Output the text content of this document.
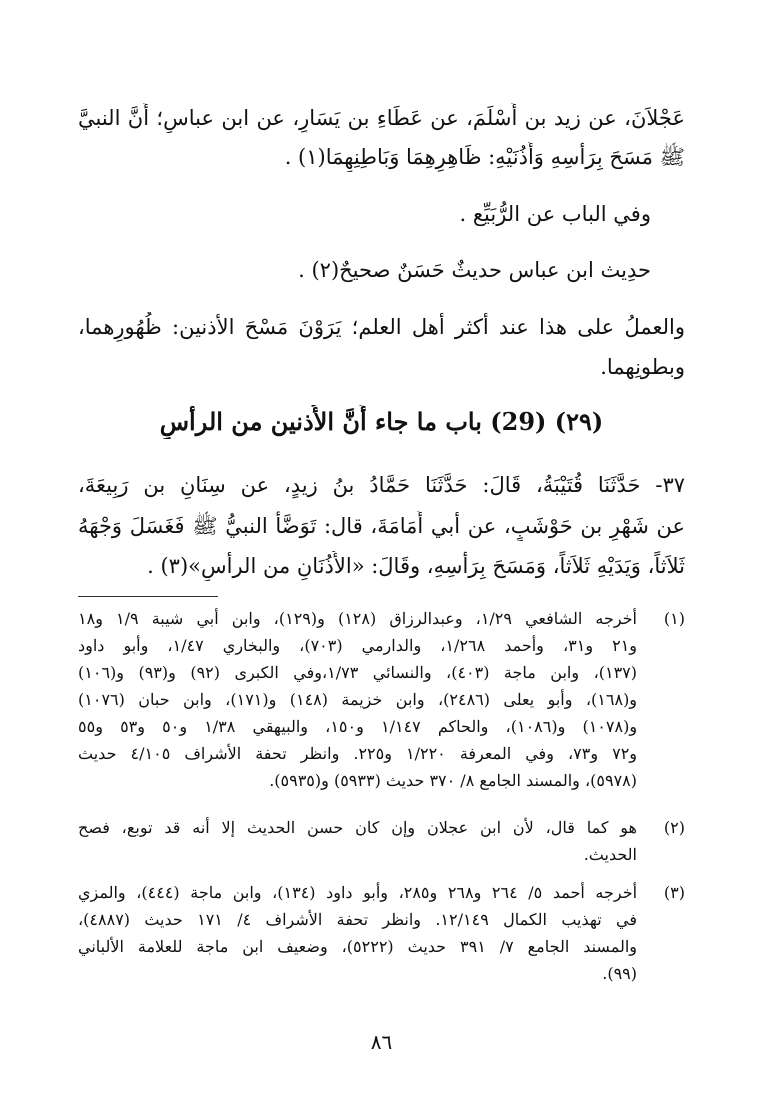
عَجْلاَنَ، عن زيد بن أَسْلَمَ، عن عَطَاءِ بن يَسَارٍ، عن ابن عباسٍ؛ أَنَّ النبيَّ
ﷺ مَسَحَ بِرَأْسِهِ وَأُذُنَيْهِ: ظَاهِرِهِمَا وَبَاطِنِهِمَا(١) .
وفي الباب عن الرُّبَيِّع .
حدِيث ابن عباس حديثٌ حَسَنٌ صحيحٌ(٢) .
والعملُ على هذا عند أكثر أهل العلم؛ يَرَوْنَ مَسْحَ الأذنين: ظُهُورِهما،
وبطونِهما.
(٢٩) (29) باب ما جاء أَنَّ الأُذنين من الرأسِ
٣٧- حَدَّثَنَا قُتَيْبَةُ، قَالَ: حَدَّثَنَا حَمَّادُ بنُ زيدٍ، عن سِنَانِ بن رَبِيعَةَ،
عن شَهْرِ بن حَوْشَبٍ، عن أبي أُمَامَةَ، قال: تَوَضَّأَ النبيُّ ﷺ فَغَسَلَ وَجْهَهُ
ثَلاَثاً، وَيَدَيْهِ ثَلاَثاً، وَمَسَحَ بِرَأْسِهِ، وقَالَ: «الأُذُنَانِ من الرأسِ»(٣) .
(١)
أخرجه الشافعي ١/٢٩، وعبدالرزاق (١٢٨) و(١٢٩)، وابن أبي شيبة ١/٩ و١٨
و٢١ و٣١، وأحمد ١/٢٦٨، والدارمي (٧٠٣)، والبخاري ١/٤٧، وأبو داود
(١٣٧)، وابن ماجة (٤٠٣)، والنسائي ١/٧٣،وفي الكبرى (٩٢) و(٩٣) و(١٠٦)
و(١٦٨)، وأبو يعلى (٢٤٨٦)، وابن خزيمة (١٤٨) و(١٧١)، وابن حبان (١٠٧٦)
و(١٠٧٨) و(١٠٨٦)، والحاكم ١/١٤٧ و١٥٠، والبيهقي ١/٣٨ و٥٠ و٥٣ و٥٥
و٧٢ و٧٣، وفي المعرفة ١/٢٢٠ و٢٢٥. وانظر تحفة الأشراف ٤/١٠٥ حديث
(٥٩٧٨)، والمسند الجامع ٨/ ٣٧٠ حديث (٥٩٣٣) و(٥٩٣٥).
(٢)
هو كما قال، لأن ابن عجلان وإن كان حسن الحديث إلا أنه قد توبع، فصح
الحديث.
(٣)
أخرجه أحمد ٥/ ٢٦٤ و٢٦٨ و٢٨٥، وأبو داود (١٣٤)، وابن ماجة (٤٤٤)، والمزي
في تهذيب الكمال ١٢/١٤٩. وانظر تحفة الأشراف ٤/ ١٧١ حديث (٤٨٨٧)،
والمسند الجامع ٧/ ٣٩١ حديث (٥٢٢٢)، وضعيف ابن ماجة للعلامة الألباني
(٩٩).
٨٦
